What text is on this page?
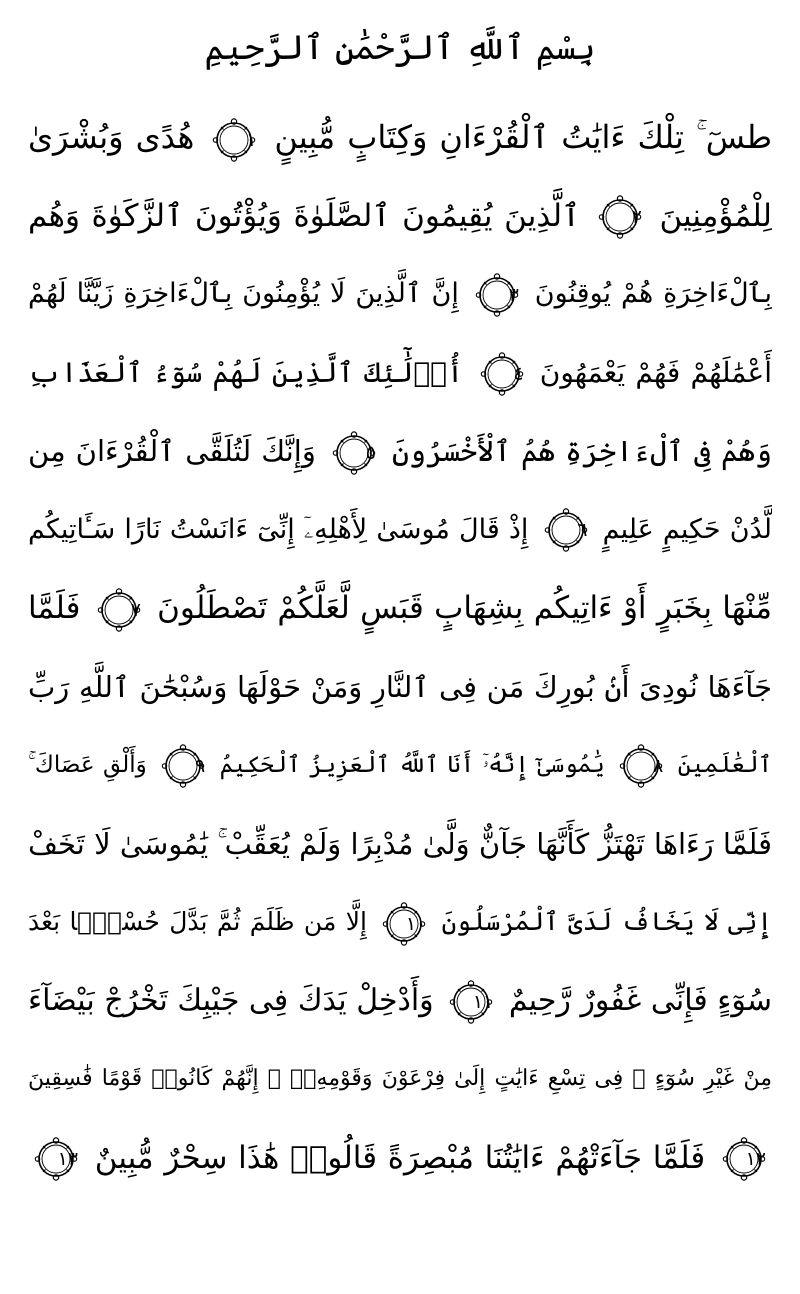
بِسْمِ ٱللَّهِ ٱلرَّحْمَٰنِ ٱلرَّحِيمِ
طسٓ ۚ تِلْكَ ءَايَٰتُ ٱلْقُرْءَانِ وَكِتَابٍ مُّبِينٍ
١
هُدًى وَبُشْرَىٰ
لِلْمُؤْمِنِينَ
٢
ٱلَّذِينَ يُقِيمُونَ ٱلصَّلَوٰةَ وَيُؤْتُونَ ٱلزَّكَوٰةَ وَهُم
بِٱلْءَاخِرَةِ هُمْ يُوقِنُونَ
٣
إِنَّ ٱلَّذِينَ لَا يُؤْمِنُونَ بِٱلْءَاخِرَةِ زَيَّنَّا لَهُمْ
أَعْمَٰلَهُمْ فَهُمْ يَعْمَهُونَ
٤
أُو۟لَٰٓئِكَ ٱلَّذِينَ لَهُمْ سُوٓءُ ٱلْعَذَابِ
وَهُمْ فِى ٱلْءَاخِرَةِ هُمُ ٱلْأَخْسَرُونَ
٥
وَإِنَّكَ لَتُلَقَّى ٱلْقُرْءَانَ مِن
لَّدُنْ حَكِيمٍ عَلِيمٍ
٦
إِذْ قَالَ مُوسَىٰ لِأَهْلِهِۦٓ إِنِّىٓ ءَانَسْتُ نَارًا سَـَٔاتِيكُم
مِّنْهَا بِخَبَرٍ أَوْ ءَاتِيكُم بِشِهَابٍ قَبَسٍ لَّعَلَّكُمْ تَصْطَلُونَ
٧
فَلَمَّا
جَآءَهَا نُودِىَ أَنۢ بُورِكَ مَن فِى ٱلنَّارِ وَمَنْ حَوْلَهَا وَسُبْحَٰنَ ٱللَّهِ رَبِّ
ٱلْعَٰلَمِينَ
٨
يَٰمُوسَىٰٓ إِنَّهُۥٓ أَنَا ٱللَّهُ ٱلْعَزِيزُ ٱلْحَكِيمُ
٩
وَأَلْقِ عَصَاكَ ۚ
فَلَمَّا رَءَاهَا تَهْتَزُّ كَأَنَّهَا جَآنٌّ وَلَّىٰ مُدْبِرًا وَلَمْ يُعَقِّبْ ۚ يَٰمُوسَىٰ لَا تَخَفْ
إِنِّى لَا يَخَافُ لَدَىَّ ٱلْمُرْسَلُونَ
١٠
إِلَّا مَن ظَلَمَ ثُمَّ بَدَّلَ حُسْنًۢا بَعْدَ
سُوٓءٍ فَإِنِّى غَفُورٌ رَّحِيمٌ
١١
وَأَدْخِلْ يَدَكَ فِى جَيْبِكَ تَخْرُجْ بَيْضَآءَ
مِنْ غَيْرِ سُوٓءٍ ۖ فِى تِسْعِ ءَايَٰتٍ إِلَىٰ فِرْعَوْنَ وَقَوْمِهِۦٓ ۚ إِنَّهُمْ كَانُوا۟ قَوْمًا فَٰسِقِينَ
١٢
فَلَمَّا جَآءَتْهُمْ ءَايَٰتُنَا مُبْصِرَةً قَالُوا۟ هَٰذَا سِحْرٌ مُّبِينٌ
١٣
